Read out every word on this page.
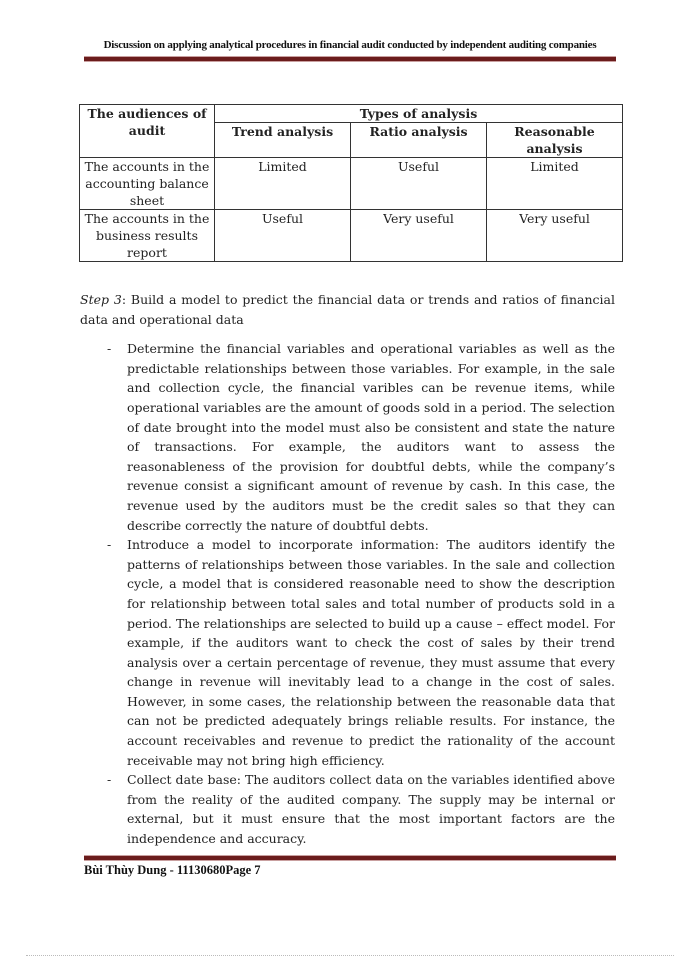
Discussion on applying analytical procedures in financial audit conducted by independent auditing companies
The audiences of audit	Types of analysis		
	Trend analysis	Ratio analysis	Reasonable analysis
The accounts in the accounting balance sheet	Limited	Useful	Limited
The accounts in the business results report	Useful	Very useful	Very useful

Step 3: Build a model to predict the financial data or trends and ratios of financial data and operational data

- Determine the financial variables and operational variables as well as the predictable relationships between those variables. For example, in the sale and collection cycle, the financial varibles can be revenue items, while operational variables are the amount of goods sold in a period. The selection of date brought into the model must also be consistent and state the nature of transactions. For example, the auditors want to assess the reasonableness of the provision for doubtful debts, while the company’s revenue consist a significant amount of revenue by cash. In this case, the revenue used by the auditors must be the credit sales so that they can describe correctly the nature of doubtful debts.
- Introduce a model to incorporate information: The auditors identify the patterns of relationships between those variables. In the sale and collection cycle, a model that is considered reasonable need to show the description for relationship between total sales and total number of products sold in a period. The relationships are selected to build up a cause – effect model. For example, if the auditors want to check the cost of sales by their trend analysis over a certain percentage of revenue, they must assume that every change in revenue will inevitably lead to a change in the cost of sales. However, in some cases, the relationship between the reasonable data that can not be predicted adequately brings reliable results. For instance, the account receivables and revenue to predict the rationality of the account receivable may not bring high efficiency.
- Collect date base: The auditors collect data on the variables identified above from the reality of the audited company. The supply may be internal or external, but it must ensure that the most important factors are the independence and accuracy.
Bùi Thùy Dung - 11130680Page 7
